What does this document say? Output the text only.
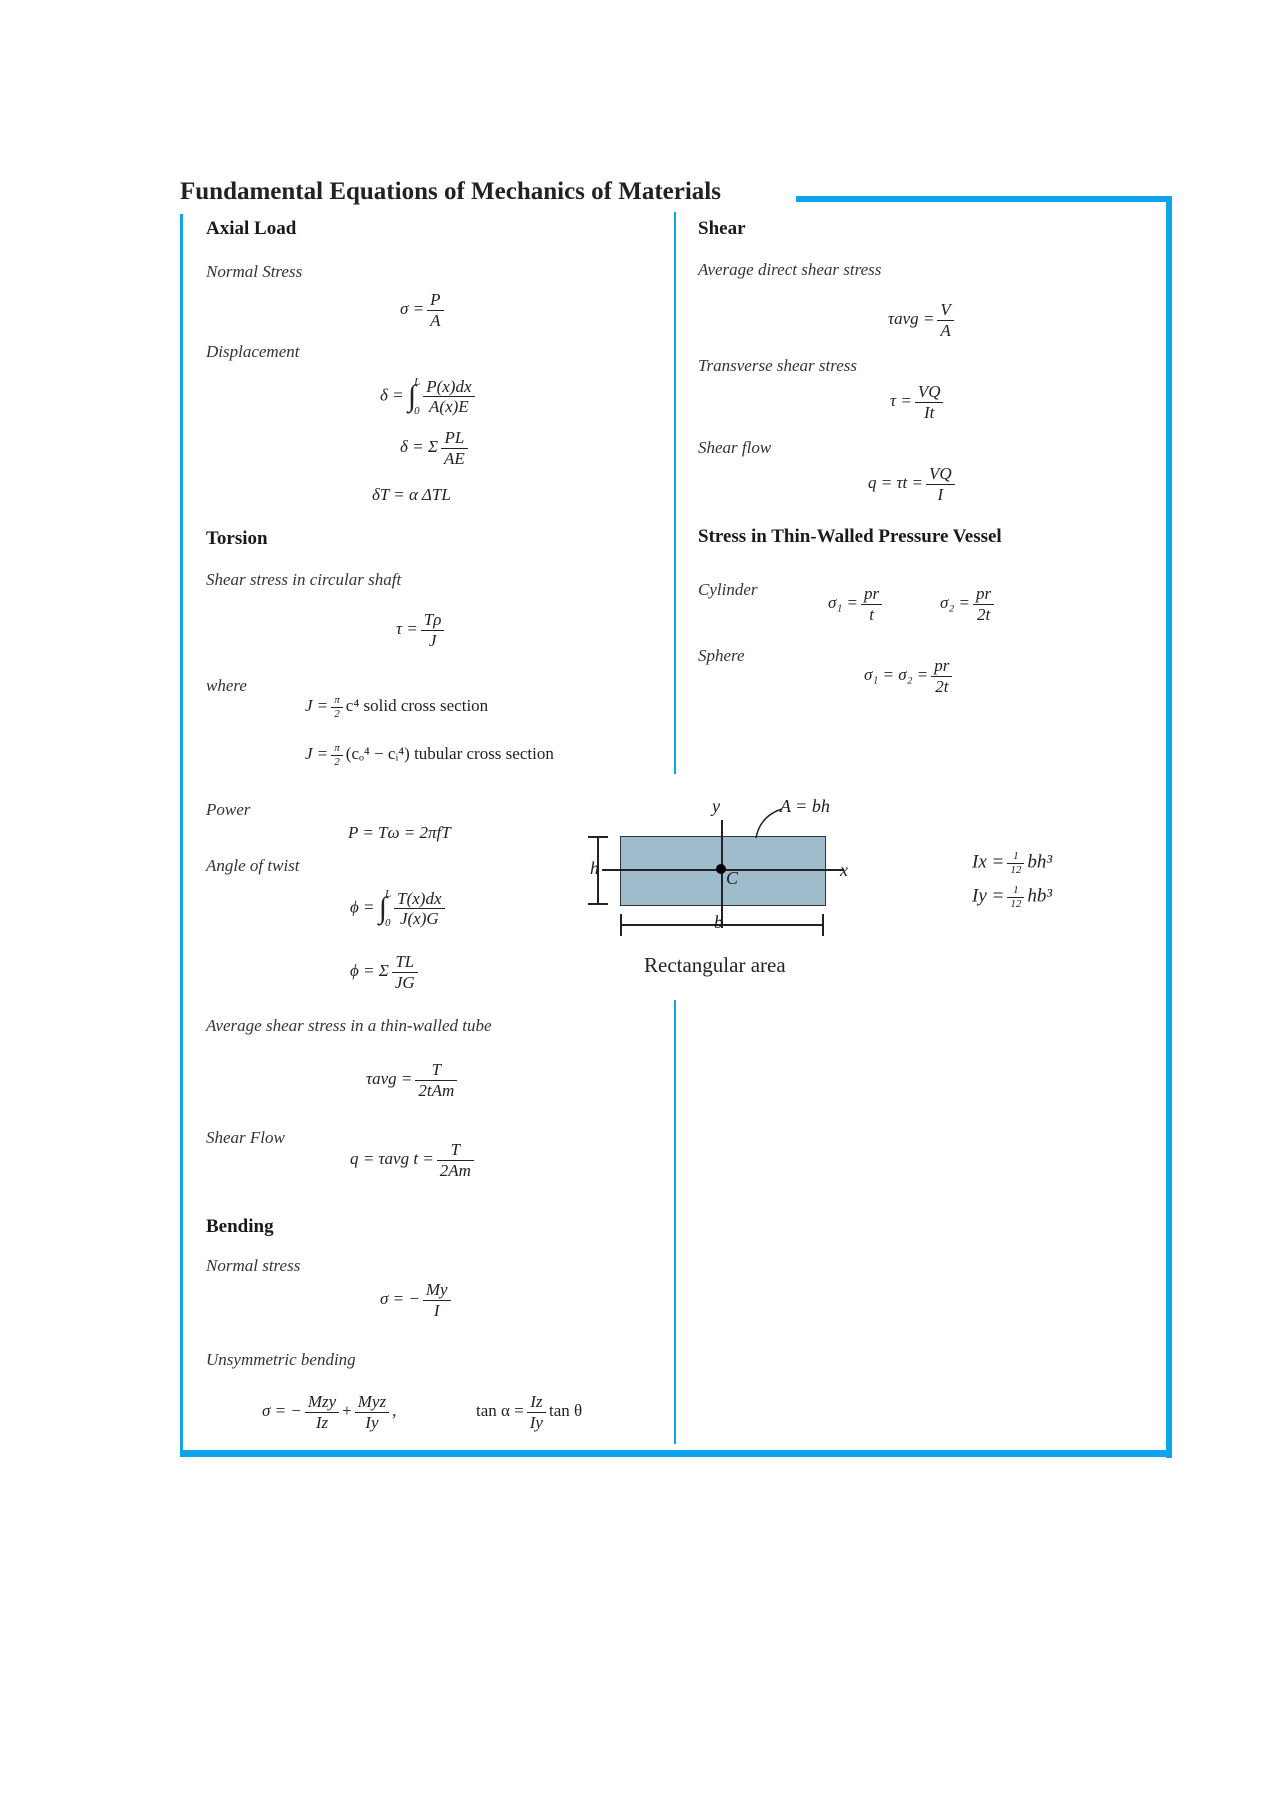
Fundamental Equations of Mechanics of Materials
Axial Load
Normal Stress
$\sigma = \frac{P}{A}$
Displacement
δ = ∫
L
$0 \frac{P(x)dx}{A(x)E}$
δ = Σ $\frac{PL}{AE}$
δT = α ΔTL
Torsion
Shear stress in circular shaft
$\tau = \frac{T\rho}{J}$
where
$J = \frac{\pi}{2} c^4$ solid cross section
$J = \frac{\pi}{2} (c_o^4$ − cᵢ⁴) tubular cross section
Power
P = Tω = 2πfT
Angle of twist
ϕ = ∫
L
$0 \frac{T(x)dx}{J(x)G}$
ϕ = Σ $\frac{TL}{JG}$
Average shear stress in a thin-walled tube
$\tau avg = \frac{T}{\text{2tAm}}$
Shear Flow
q = τavg $t = \frac{T}{2Am}$
Bending
Normal stress
σ = − $\frac{My}{I}$
Unsymmetric bending
σ = − $\frac{\text{Mzy}}{Iz} + \frac{\text{Myz}}{Iy}$ ,	$\tan \alpha = \frac{Iz}{Iy}$ tan θ
Shear
Average direct shear stress
$\tau avg = \frac{V}{A}$
Transverse shear stress
$\tau = \frac{VQ}{It}$
Shear flow
$q = \tau t = \frac{VQ}{I}$
Stress in Thin-Walled Pressure Vessel
Cylinder
$\sigma_1 = \frac{pr}{t}$	$\sigma_2 = \frac{pr}{2t}$
Sphere
$\sigma_1 = \sigma_2 = \frac{pr}{2t}$
A = bh
y
x
h
b
C
Rectangular area
$Ix = \frac{1}{12} bh^3$
$Iy = \frac{1}{12} hb^3$
